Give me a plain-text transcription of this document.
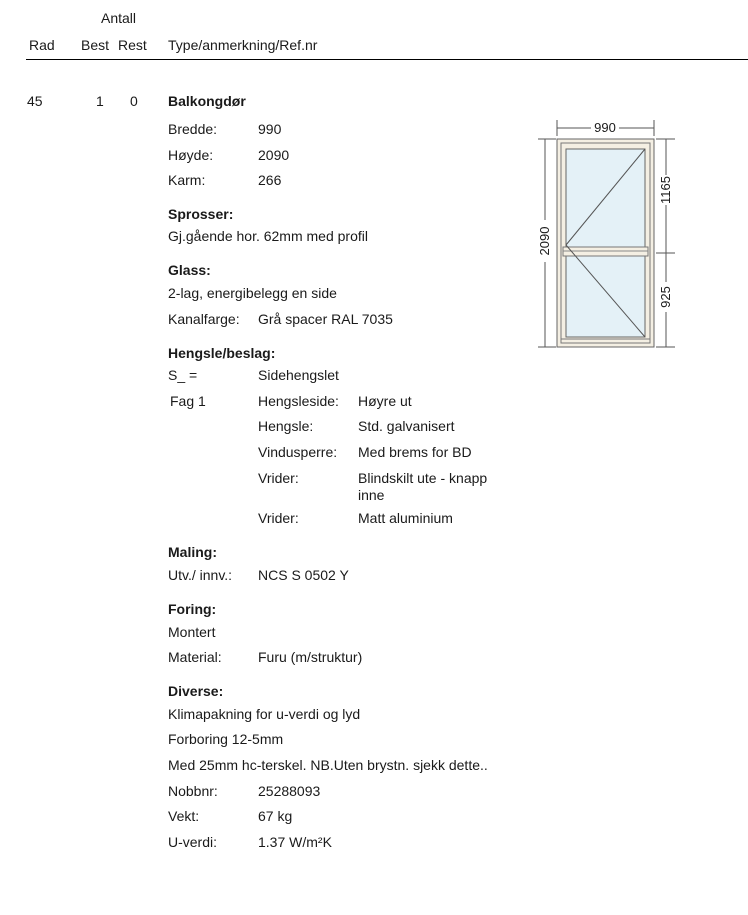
Antall
Rad Best Rest Type/anmerkning/Ref.nr
45	1 0 Balkongdør
Bredde:	990
Høyde:	2090
Karm:	266
Sprosser:
Gj.gående hor. 62mm med profil
Glass:
2-lag, energibelegg en side
Kanalfarge: Grå spacer RAL 7035
Hengsle/beslag:
S_ =	Sidehengslet
Fag 1	Hengsleside: Høyre ut
Hengsle:	Std. galvanisert
Vindusperre: Med brems for BD
Vrider:	Blindskilt ute - knapp
inne
Vrider:	Matt aluminium
Maling:
Utv./ innv.: NCS S 0502 Y
Foring:
Montert
Material:	Furu (m/struktur)
Diverse:
Klimapakning for u-verdi og lyd
Forboring 12-5mm
Med 25mm hc-terskel. NB.Uten brystn. sjekk dette..
Nobbnr:	25288093
Vekt:	67 kg
U-verdi:	1.37 W/m²K
990
2090
1165
925
